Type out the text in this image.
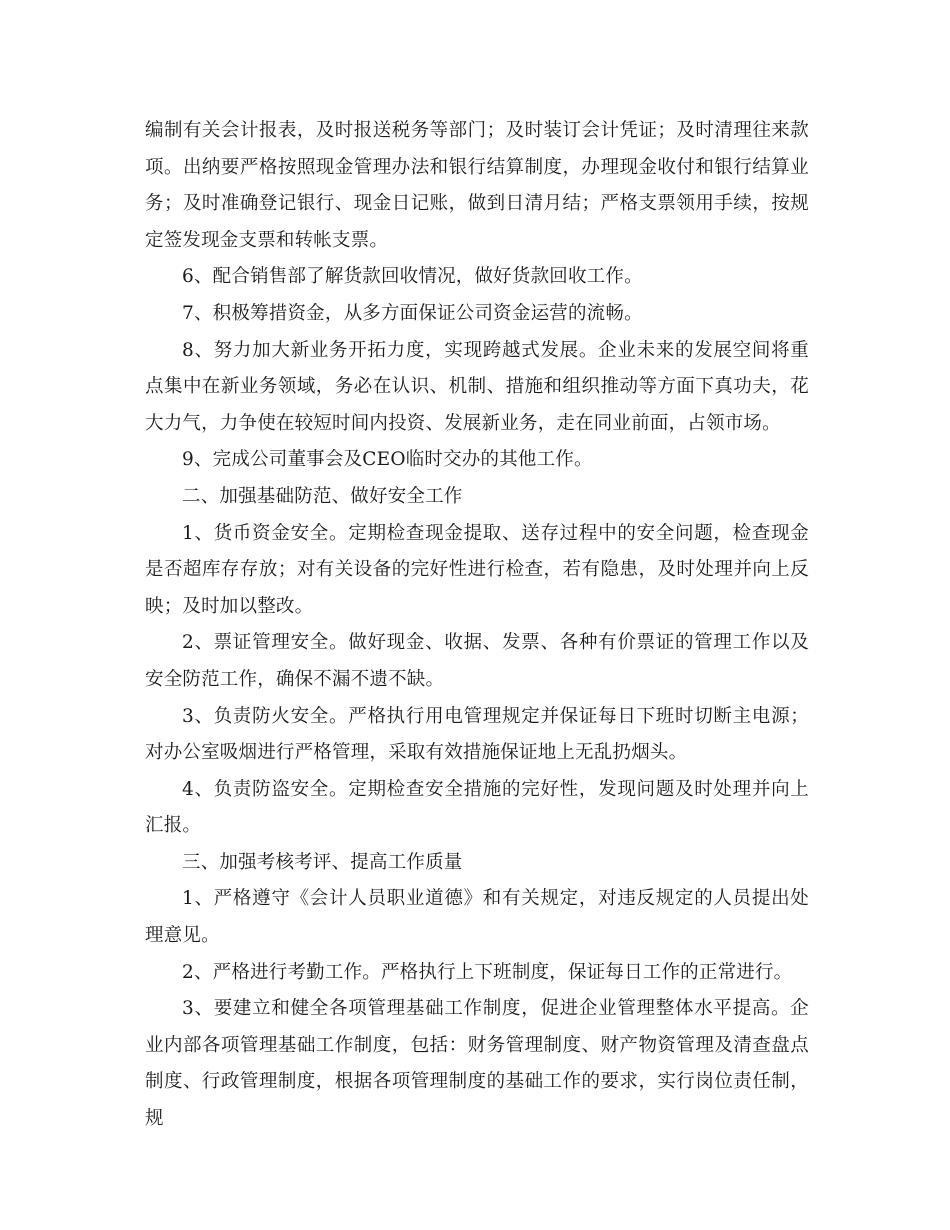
编制有关会计报表，及时报送税务等部门；及时装订会计凭证；及时清理往来款项。出纳要严格按照现金管理办法和银行结算制度，办理现金收付和银行结算业务；及时准确登记银行、现金日记账，做到日清月结；严格支票领用手续，按规定签发现金支票和转帐支票。

6、配合销售部了解货款回收情况，做好货款回收工作。

7、积极筹措资金，从多方面保证公司资金运营的流畅。

8、努力加大新业务开拓力度，实现跨越式发展。企业未来的发展空间将重点集中在新业务领域，务必在认识、机制、措施和组织推动等方面下真功夫，花大力气，力争使在较短时间内投资、发展新业务，走在同业前面，占领市场。

9、完成公司董事会及CEO临时交办的其他工作。

二、加强基础防范、做好安全工作

1、货币资金安全。定期检查现金提取、送存过程中的安全问题，检查现金是否超库存存放；对有关设备的完好性进行检查，若有隐患，及时处理并向上反映；及时加以整改。

2、票证管理安全。做好现金、收据、发票、各种有价票证的管理工作以及安全防范工作，确保不漏不遗不缺。

3、负责防火安全。严格执行用电管理规定并保证每日下班时切断主电源；对办公室吸烟进行严格管理，采取有效措施保证地上无乱扔烟头。

4、负责防盗安全。定期检查安全措施的完好性，发现问题及时处理并向上汇报。

三、加强考核考评、提高工作质量

1、严格遵守《会计人员职业道德》和有关规定，对违反规定的人员提出处理意见。

2、严格进行考勤工作。严格执行上下班制度，保证每日工作的正常进行。

3、要建立和健全各项管理基础工作制度，促进企业管理整体水平提高。企业内部各项管理基础工作制度，包括：财务管理制度、财产物资管理及清查盘点制度、行政管理制度，根据各项管理制度的基础工作的要求，实行岗位责任制，规
